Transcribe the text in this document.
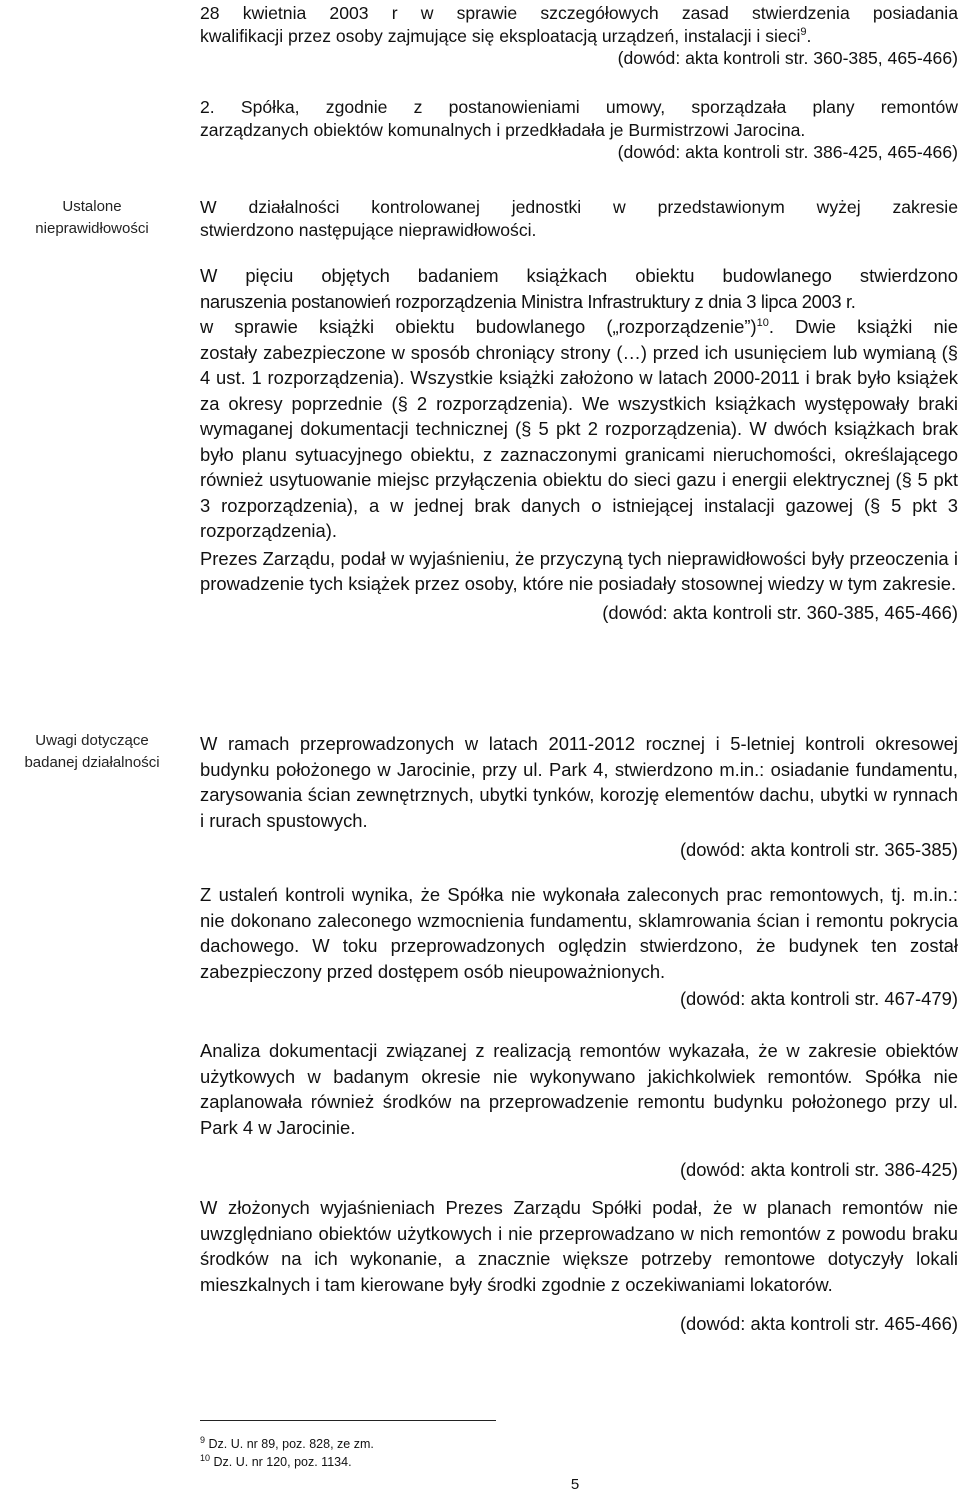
Ustalone
nieprawidłowości
Uwagi dotyczące
badanej działalności

28 kwietnia 2003 r w sprawie szczegółowych zasad stwierdzenia posiadania
kwalifikacji przez osoby zajmujące się eksploatacją urządzeń, instalacji i sieci$^9$.

(dowód: akta kontroli str. 360-385, 465-466)

2. Spółka, zgodnie z postanowieniami umowy, sporządzała plany remontów
zarządzanych obiektów komunalnych i przedkładała je Burmistrzowi Jarocina.

(dowód: akta kontroli str. 386-425, 465-466)

W działalności kontrolowanej jednostki w przedstawionym wyżej zakresie
stwierdzono następujące nieprawidłowości.

W pięciu objętych badaniem książkach obiektu budowlanego stwierdzono
naruszenia postanowień rozporządzenia Ministra Infrastruktury z dnia 3 lipca 2003 r.
w sprawie książki obiektu budowlanego („rozporządzenie”)$^{10}$. Dwie książki nie
zostały zabezpieczone w sposób chroniący strony (…) przed ich usunięciem lub wymianą (§ 4 ust. 1 rozporządzenia). Wszystkie książki założono w latach 2000-2011 i brak było książek za okresy poprzednie (§ 2 rozporządzenia). We wszystkich książkach występowały braki wymaganej dokumentacji technicznej (§ 5 pkt 2 rozporządzenia). W dwóch książkach brak było planu sytuacyjnego obiektu, z zaznaczonymi granicami nieruchomości, określającego również usytuowanie miejsc przyłączenia obiektu do sieci gazu i energii elektrycznej (§ 5 pkt 3 rozporządzenia), a w jednej brak danych o istniejącej instalacji gazowej (§ 5 pkt 3 rozporządzenia).

Prezes Zarządu, podał w wyjaśnieniu, że przyczyną tych nieprawidłowości były przeoczenia i prowadzenie tych książek przez osoby, które nie posiadały stosownej wiedzy w tym zakresie.

(dowód: akta kontroli str. 360-385, 465-466)

W ramach przeprowadzonych w latach 2011-2012 rocznej i 5-letniej kontroli okresowej budynku położonego w Jarocinie, przy ul. Park 4, stwierdzono m.in.: osiadanie fundamentu, zarysowania ścian zewnętrznych, ubytki tynków, korozję elementów dachu, ubytki w rynnach i rurach spustowych.

(dowód: akta kontroli str. 365-385)

Z ustaleń kontroli wynika, że Spółka nie wykonała zaleconych prac remontowych, tj. m.in.: nie dokonano zaleconego wzmocnienia fundamentu, sklamrowania ścian i remontu pokrycia dachowego. W toku przeprowadzonych oględzin stwierdzono, że budynek ten został zabezpieczony przed dostępem osób nieupoważnionych.

(dowód: akta kontroli str. 467-479)

Analiza dokumentacji związanej z realizacją remontów wykazała, że w zakresie obiektów użytkowych w badanym okresie nie wykonywano jakichkolwiek remontów. Spółka nie zaplanowała również środków na przeprowadzenie remontu budynku położonego przy ul. Park 4 w Jarocinie.

(dowód: akta kontroli str. 386-425)

W złożonych wyjaśnieniach Prezes Zarządu Spółki podał, że w planach remontów nie uwzględniano obiektów użytkowych i nie przeprowadzano w nich remontów z powodu braku środków na ich wykonanie, a znacznie większe potrzeby remontowe dotyczyły lokali mieszkalnych i tam kierowane były środki zgodnie z oczekiwaniami lokatorów.

(dowód: akta kontroli str. 465-466)

$^9$ Dz. U. nr 89, poz. 828, ze zm.
$^{10}$ Dz. U. nr 120, poz. 1134.
5
